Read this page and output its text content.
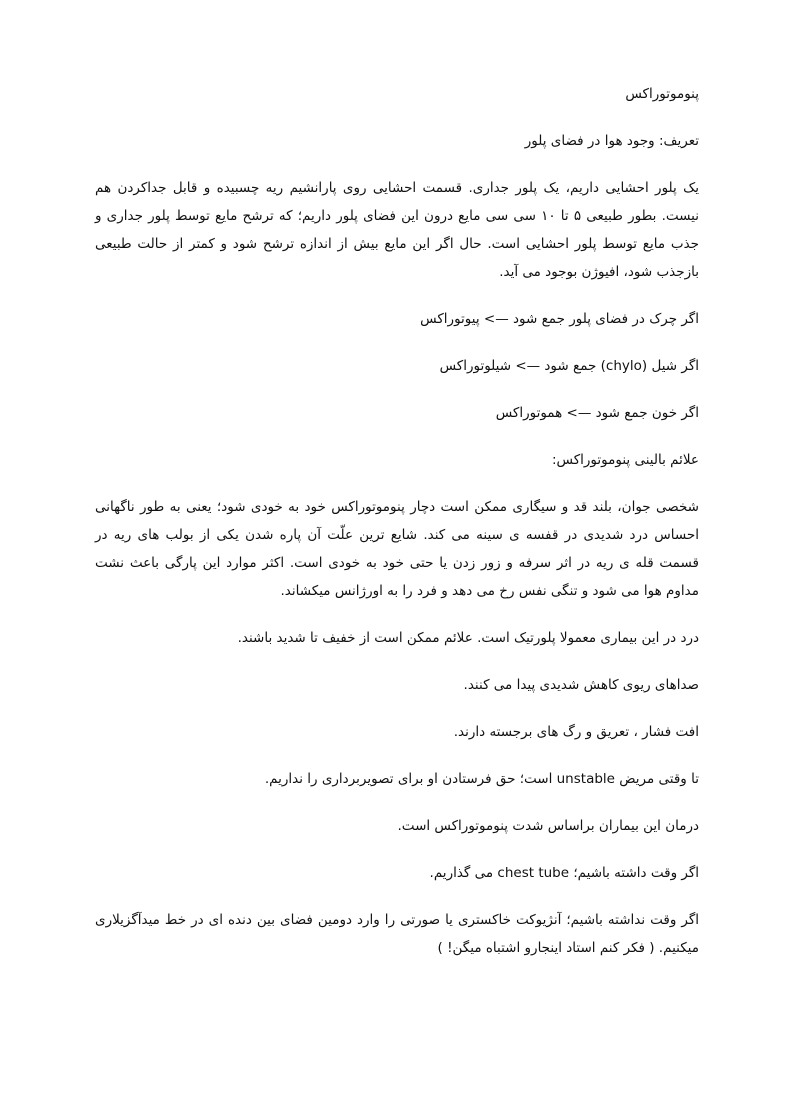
پنوموتوراکس

تعریف: وجود هوا در فضای پلور

یک پلور احشایی داریم، یک پلور جداری. قسمت احشایی روی پارانشیم ریه چسبیده و قابل جداکردن هم نیست. بطور طبیعی ۵ تا ۱۰ سی سی مایع درون این فضای پلور داریم؛ که ترشح مایع توسط پلور جداری و جذب مایع توسط پلور احشایی است. حال اگر این مایع بیش از اندازه ترشح شود و کمتر از حالت طبیعی بازجذب شود، افیوژن بوجود می آید.

اگر چرک در فضای پلور جمع شود —> پیوتوراکس

اگر شیل (chylo) جمع شود —> شیلوتوراکس

اگر خون جمع شود —> هموتوراکس

علائم بالینی پنوموتوراکس:

شخصی جوان، بلند قد و سیگاری ممکن است دچار پنوموتوراکس خود به خودی شود؛ یعنی به طور ناگهانی احساس درد شدیدی در قفسه ی سینه می کند. شایع ترین علّت آن پاره شدن یکی از بولب های ریه در قسمت قله ی ریه در اثر سرفه و زور زدن یا حتی خود به خودی است. اکثر موارد این پارگی باعث نشت مداوم هوا می شود و تنگی نفس رخ می دهد و فرد را به اورژانس میکشاند.

درد در این بیماری معمولا پلورتیک است. علائم ممکن است از خفیف تا شدید باشند.

صداهای ریوی کاهش شدیدی پیدا می کنند.

افت فشار ، تعریق و رگ های برجسته دارند.

تا وقتی مریض unstable است؛ حق فرستادن او برای تصویربرداری را نداریم.

درمان این بیماران براساس شدت پنوموتوراکس است.

اگر وقت داشته باشیم؛ chest tube می گذاریم.

اگر وقت نداشته باشیم؛ آنژیوکت خاکستری یا صورتی را وارد دومین فضای بین دنده ای در خط میدآگزیلاری میکنیم. ( فکر کنم استاد اینجارو اشتباه میگن! )
